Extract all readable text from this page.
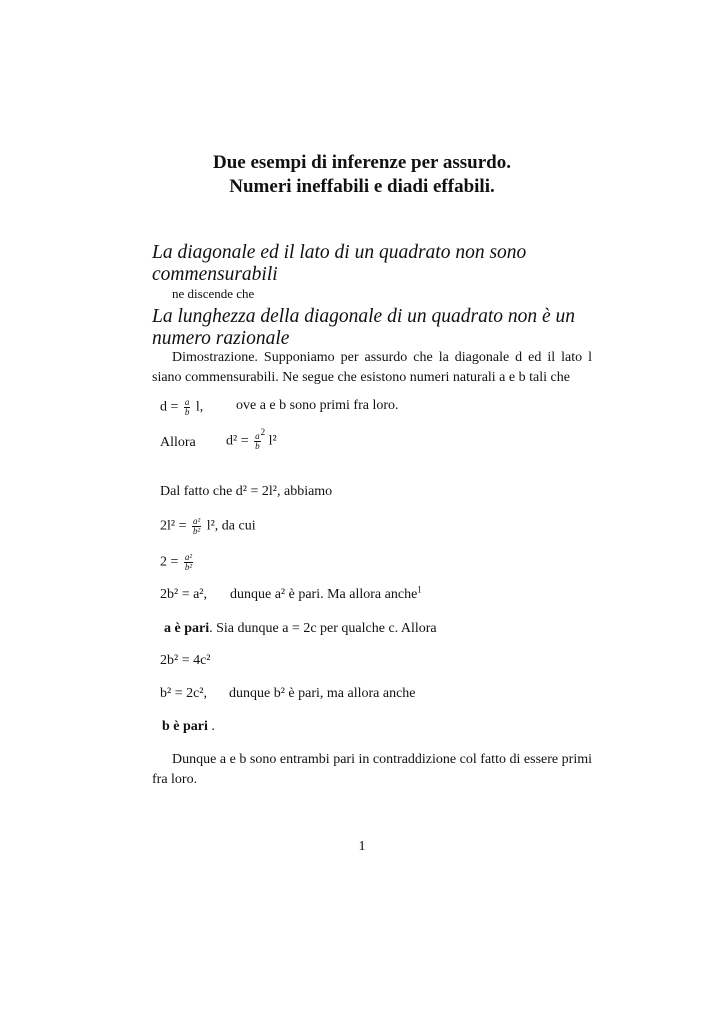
Due esempi di inferenze per assurdo.
Numeri ineffabili e diadi effabili.
La diagonale ed il lato di un quadrato non sono commensurabili
ne discende che
La lunghezza della diagonale di un quadrato non è un numero razionale
Dimostrazione. Supponiamo per assurdo che la diagonale d ed il lato l siano commensurabili. Ne segue che esistono numeri naturali a e b tali che
$d = \frac{a}{b} l$, ove a e b sono primi fra loro.
Allora $d^2 = \frac{a}{b} ^2$ l²
Dal fatto che d² = 2l², abbiamo
$2l^2 = \frac{\text{a²}}{\text{b²}} l^2$, da cui
$2 = \frac{\text{a²}}{\text{b²}}$
2b² = a², dunque a² è pari. Ma allora anche$^1$
a è pari. Sia dunque a = 2c per qualche c. Allora
2b² = 4c²
b² = 2c², dunque b² è pari, ma allora anche
b è pari .
Dunque a e b sono entrambi pari in contraddizione col fatto di essere primi fra loro.
1
